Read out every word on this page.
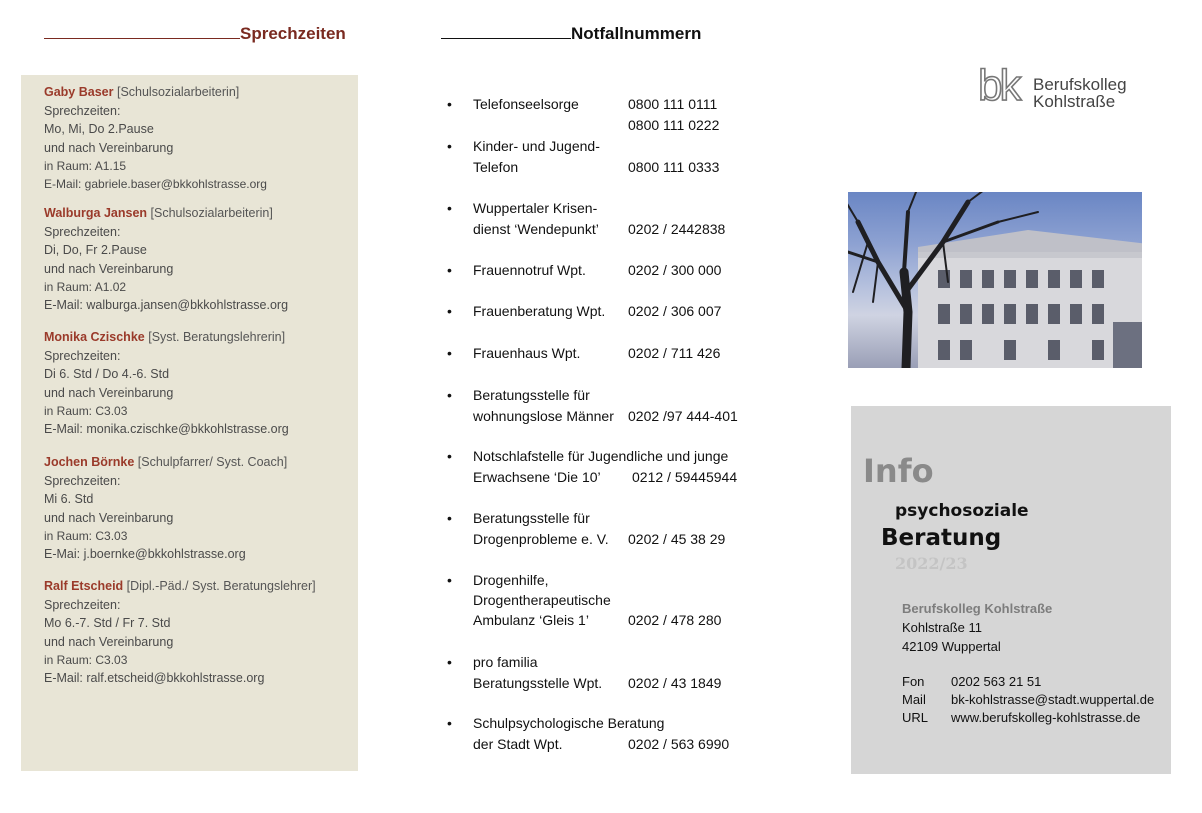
Sprechzeiten	Notfallnummern
Gaby Baser [Schulsozialarbeiterin]
Sprechzeiten:
Mo, Mi, Do 2.Pause
und nach Vereinbarung
in Raum: A1.15
E-Mail: gabriele.baser@bkkohlstrasse.org
Walburga Jansen [Schulsozialarbeiterin]
Sprechzeiten:
Di, Do, Fr 2.Pause
und nach Vereinbarung
in Raum: A1.02
E-Mail: walburga.jansen@bkkohlstrasse.org
Monika Czischke [Syst. Beratungslehrerin]
Sprechzeiten:
Di 6. Std / Do 4.-6. Std
und nach Vereinbarung
in Raum: C3.03
E-Mail: monika.czischke@bkkohlstrasse.org
Jochen Börnke [Schulpfarrer/ Syst. Coach]
Sprechzeiten:
Mi 6. Std
und nach Vereinbarung
in Raum: C3.03
E-Mai: j.boernke@bkkohlstrasse.org
Ralf Etscheid [Dipl.-Päd./ Syst. Beratungslehrer]
Sprechzeiten:
Mo 6.-7. Std / Fr 7. Std
und nach Vereinbarung
in Raum: C3.03
E-Mail: ralf.etscheid@bkkohlstrasse.org
• Telefonseelsorge	0800 111 0111
0800 111 0222
• Kinder- und Jugend-
Telefon	0800 111 0333
• Wuppertaler Krisen-
dienst ‘Wendepunkt’ 0202 / 2442838
• Frauennotruf Wpt.	0202 / 300 000
• Frauenberatung Wpt. 0202 / 306 007
• Frauenhaus Wpt.	0202 / 711 426
• Beratungsstelle für
wohnungslose Männer 0202 /97 444-401
• Notschlafstelle für Jugendliche und junge
Erwachsene ‘Die 10’ 0212 / 59445944
• Beratungsstelle für
Drogenprobleme e. V. 0202 / 45 38 29
• Drogenhilfe,
Drogentherapeutische
Ambulanz ‘Gleis 1’	0202 / 478 280
• pro familia
Beratungsstelle Wpt. 0202 / 43 1849
• Schulpsychologische Beratung
der Stadt Wpt.	0202 / 563 6990
bk Berufskolleg
Kohlstraße
Info
psychosoziale
Beratung
2022/23
Berufskolleg Kohlstraße
Kohlstraße 11
42109 Wuppertal
Fon 0202 563 21 51
Mail bk-kohlstrasse@stadt.wuppertal.de
URL www.berufskolleg-kohlstrasse.de
